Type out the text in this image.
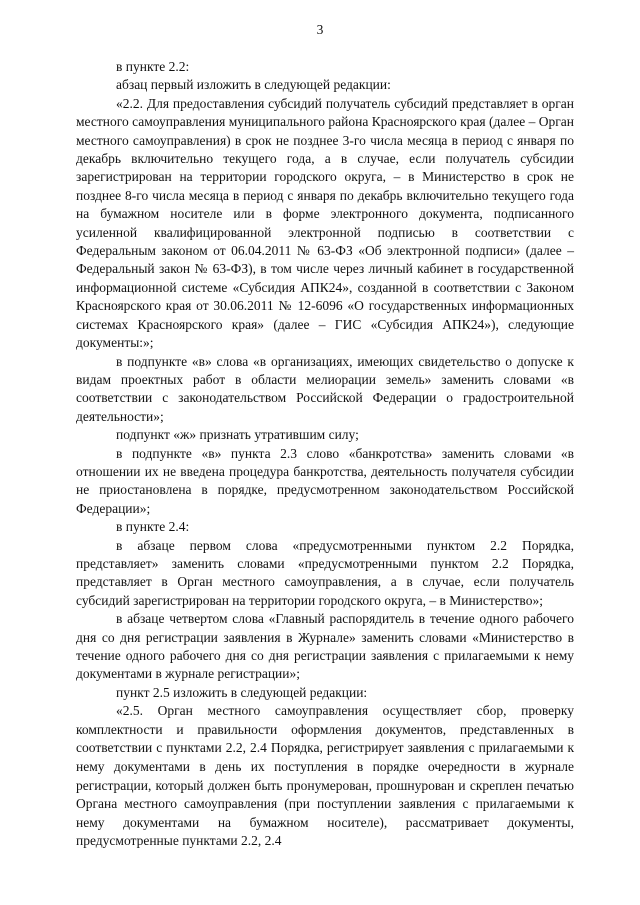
3

в пункте 2.2:

абзац первый изложить в следующей редакции:

«2.2. Для предоставления субсидий получатель субсидий представляет в орган местного самоуправления муниципального района Красноярского края (далее – Орган местного самоуправления) в срок не позднее 3-го числа месяца в период с января по декабрь включительно текущего года, а в случае, если получатель субсидии зарегистрирован на территории городского округа, – в Министерство в срок не позднее 8-го числа месяца в период с января по декабрь включительно текущего года на бумажном носителе или в форме электронного документа, подписанного усиленной квалифицированной электронной подписью в соответствии с Федеральным законом от 06.04.2011 № 63-ФЗ «Об электронной подписи» (далее – Федеральный закон № 63-ФЗ), в том числе через личный кабинет в государственной информационной системе «Субсидия АПК24», созданной в соответствии с Законом Красноярского края от 30.06.2011 № 12-6096 «О государственных информационных системах Красноярского края» (далее – ГИС «Субсидия АПК24»), следующие документы:»;

в подпункте «в» слова «в организациях, имеющих свидетельство о допуске к видам проектных работ в области мелиорации земель» заменить словами «в соответствии с законодательством Российской Федерации о градостроительной деятельности»;

подпункт «ж» признать утратившим силу;

в подпункте «в» пункта 2.3 слово «банкротства» заменить словами «в отношении их не введена процедура банкротства, деятельность получателя субсидии не приостановлена в порядке, предусмотренном законодательством Российской Федерации»;

в пункте 2.4:

в абзаце первом слова «предусмотренными пунктом 2.2 Порядка, представляет» заменить словами «предусмотренными пунктом 2.2 Порядка, представляет в Орган местного самоуправления, а в случае, если получатель субсидий зарегистрирован на территории городского округа, – в Министерство»;

в абзаце четвертом слова «Главный распорядитель в течение одного рабочего дня со дня регистрации заявления в Журнале» заменить словами «Министерство в течение одного рабочего дня со дня регистрации заявления с прилагаемыми к нему документами в журнале регистрации»;

пункт 2.5 изложить в следующей редакции:

«2.5. Орган местного самоуправления осуществляет сбор, проверку комплектности и правильности оформления документов, представленных в соответствии с пунктами 2.2, 2.4 Порядка, регистрирует заявления с прилагаемыми к нему документами в день их поступления в порядке очередности в журнале регистрации, который должен быть пронумерован, прошнурован и скреплен печатью Органа местного самоуправления (при поступлении заявления с прилагаемыми к нему документами на бумажном носителе), рассматривает документы, предусмотренные пунктами 2.2, 2.4
